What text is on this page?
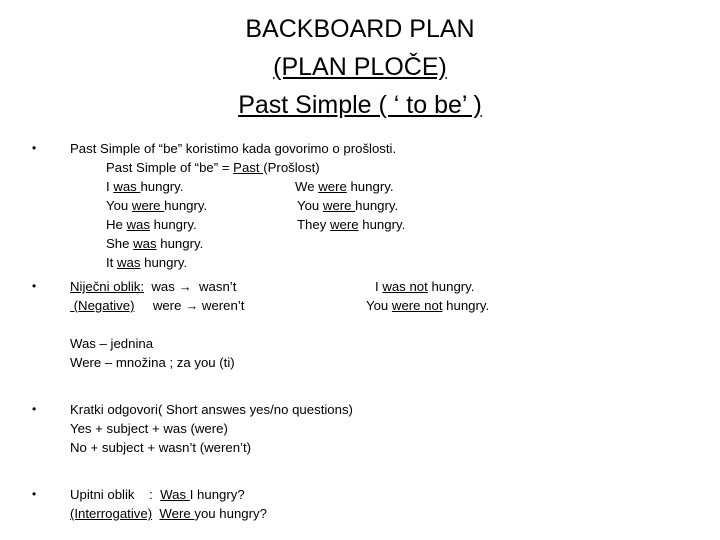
BACKBOARD PLAN
(PLAN PLOČE)
Past Simple ( ‘ to be’ )
•
Past Simple of “be” koristimo kada govorimo o prošlosti.
Past Simple of “be” = Past (Prošlost)
I was hungry.
You were hungry.
He was hungry.
She was hungry.
It was hungry.
We were hungry.
You were hungry.
They were hungry.
•
Niječni oblik:  was →  wasn’t
(Negative)     were → weren’t
I was not hungry.
You were not hungry.
Was – jednina
Were – množina ; za you (ti)
•
Kratki odgovori( Short answes yes/no questions)
Yes + subject + was (were)
No + subject + wasn’t (weren’t)
•
Upitni oblik    :  Was I hungry?
(Interrogative) Were you hungry?
